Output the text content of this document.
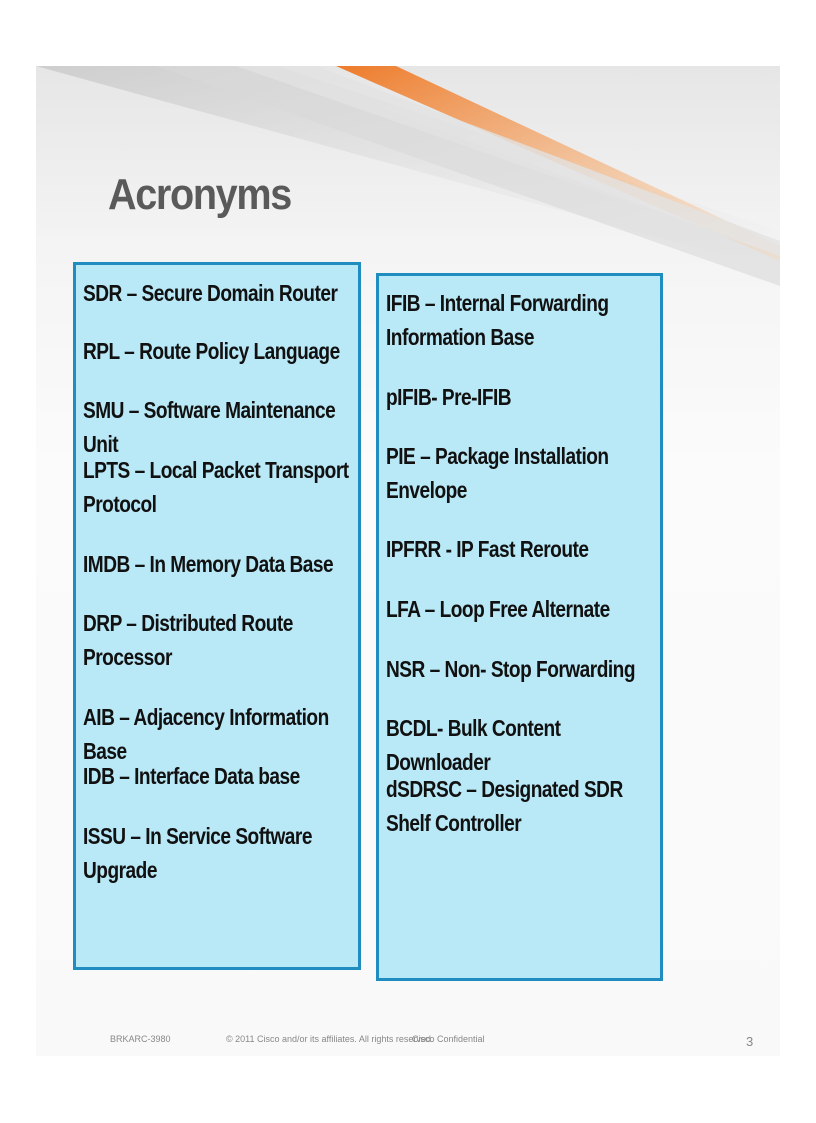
Acronyms

SDR – Secure Domain Router

RPL – Route Policy Language

SMU – Software Maintenance Unit

LPTS – Local Packet Transport Protocol

IMDB – In Memory Data Base

DRP – Distributed Route Processor

AIB – Adjacency Information Base

IDB – Interface Data base

ISSU – In Service Software Upgrade

IFIB – Internal Forwarding Information Base

pIFIB- Pre-IFIB

PIE – Package Installation Envelope

IPFRR - IP Fast Reroute

LFA – Loop Free Alternate

NSR – Non- Stop Forwarding

BCDL- Bulk Content Downloader

dSDRSC – Designated SDR Shelf Controller

BRKARC-3980	© 2011 Cisco and/or its affiliates. All rights reserved.
Cisco Confidential	3
